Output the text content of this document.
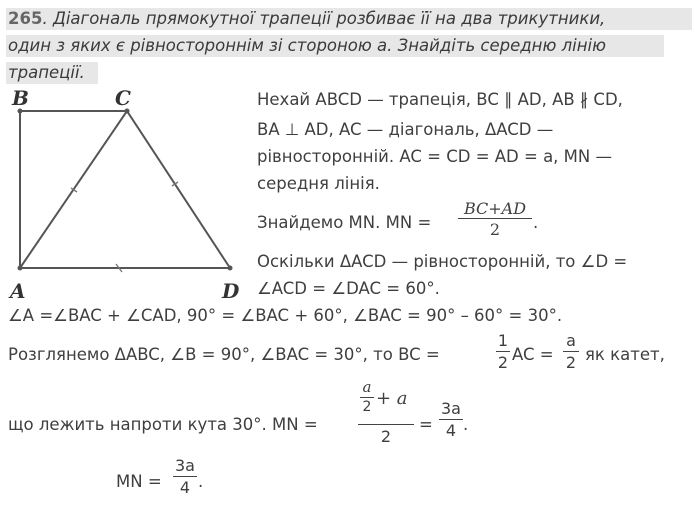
265. Діагональ прямокутної трапеції розбиває її на два трикутники,
один з яких є рівностороннім зі стороною а. Знайдіть середню лінію
трапеції.
B	C
A	D
Нехай ABCD — трапеція, BC ∥ AD, AB ∦ CD,
BA ⊥ AD, AC — діагональ, ΔACD —
рівносторонній. AC = CD = AD = a, MN —
середня лінія.
Знайдемо MN. MN =
BC+AD
2	.
Оскільки ΔACD — рівносторонній, то ∠D =
∠ACD = ∠DAC = 60°.
∠A =∠BAC + ∠CAD, 90° = ∠BAC + 60°, ∠BAC = 90° – 60° = 30°.
Розглянемо ΔABC, ∠B = 90°, ∠BAC = 30°, то BC =
1
2 AC =
a
2 як катет,
що лежить напроти кута 30°. MN =
a
2 + a
2
=
3a
4 .
MN =
3a
4 .
